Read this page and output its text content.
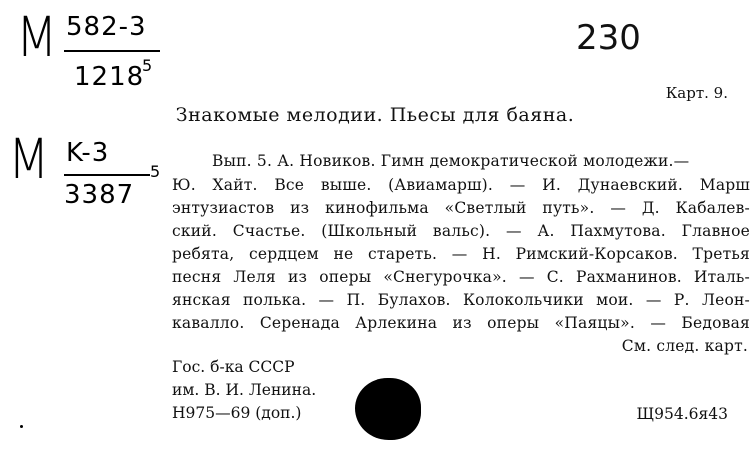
M 582-3
1218
5
M K-3
3387
5
230
Карт. 9.
Знакомые мелодии. Пьесы для баяна.
Вып. 5. А. Новиков. Гимн демократической молодежи.—
Ю. Хайт. Все выше. (Авиамарш). — И. Дунаевский. Марш
энтузиастов из кинофильма «Светлый путь». — Д. Кабалев-
ский. Счастье. (Школьный вальс). — А. Пахмутова. Главное
ребята, сердцем не стареть. — Н. Римский-Корсаков. Третья
песня Леля из оперы «Снегурочка». — С. Рахманинов. Италь-
янская полька. — П. Булахов. Колокольчики мои. — Р. Леон-
кавалло. Серенада Арлекина из оперы «Паяцы». — Бедовая
См. след. карт.
Гос. б-ка СССР
им. В. И. Ленина.
Н975—69 (доп.)	Щ954.6я43
